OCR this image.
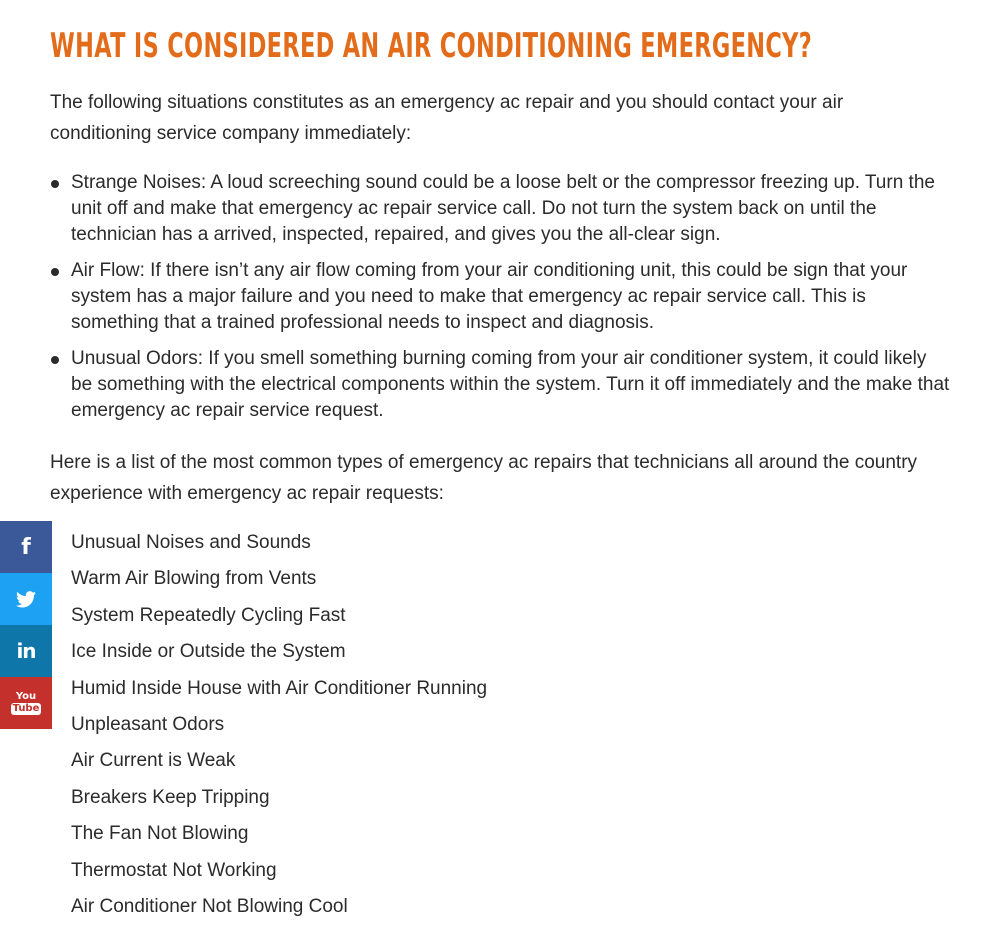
WHAT IS CONSIDERED AN AIR CONDITIONING EMERGENCY?

The following situations constitutes as an emergency ac repair and you should contact your air conditioning service company immediately:

Strange Noises: A loud screeching sound could be a loose belt or the compressor freezing up. Turn the unit off and make that emergency ac repair service call. Do not turn the system back on until the technician has a arrived, inspected, repaired, and gives you the all-clear sign.
Air Flow: If there isn’t any air flow coming from your air conditioning unit, this could be sign that your system has a major failure and you need to make that emergency ac repair service call. This is something that a trained professional needs to inspect and diagnosis.
Unusual Odors: If you smell something burning coming from your air conditioner system, it could likely be something with the electrical components within the system. Turn it off immediately and the make that emergency ac repair service request.

Here is a list of the most common types of emergency ac repairs that technicians all around the country experience with emergency ac repair requests:

Unusual Noises and Sounds
Warm Air Blowing from Vents
System Repeatedly Cycling Fast
Ice Inside or Outside the System
Humid Inside House with Air Conditioner Running
Unpleasant Odors
Air Current is Weak
Breakers Keep Tripping
The Fan Not Blowing
Thermostat Not Working
Air Conditioner Not Blowing Cool
f
in
You
Tube
